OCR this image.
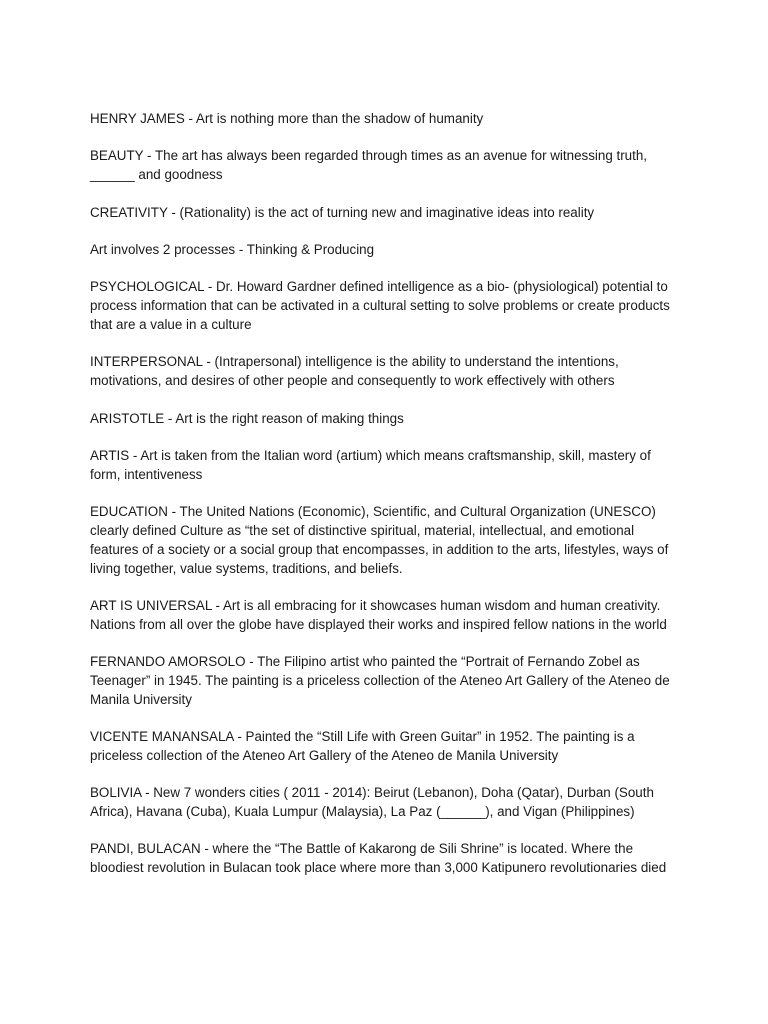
HENRY JAMES - Art is nothing more than the shadow of humanity

BEAUTY - The art has always been regarded through times as an avenue for witnessing truth, ______ and goodness

CREATIVITY - (Rationality) is the act of turning new and imaginative ideas into reality

Art involves 2 processes - Thinking & Producing

PSYCHOLOGICAL - Dr. Howard Gardner defined intelligence as a bio- (physiological) potential to process information that can be activated in a cultural setting to solve problems or create products that are a value in a culture

INTERPERSONAL - (Intrapersonal) intelligence is the ability to understand the intentions, motivations, and desires of other people and consequently to work effectively with others

ARISTOTLE - Art is the right reason of making things

ARTIS - Art is taken from the Italian word (artium) which means craftsmanship, skill, mastery of form, intentiveness

EDUCATION - The United Nations (Economic), Scientific, and Cultural Organization (UNESCO) clearly defined Culture as “the set of distinctive spiritual, material, intellectual, and emotional features of a society or a social group that encompasses, in addition to the arts, lifestyles, ways of living together, value systems, traditions, and beliefs.

ART IS UNIVERSAL - Art is all embracing for it showcases human wisdom and human creativity. Nations from all over the globe have displayed their works and inspired fellow nations in the world

FERNANDO AMORSOLO - The Filipino artist who painted the “Portrait of Fernando Zobel as Teenager” in 1945. The painting is a priceless collection of the Ateneo Art Gallery of the Ateneo de Manila University

VICENTE MANANSALA - Painted the “Still Life with Green Guitar” in 1952. The painting is a priceless collection of the Ateneo Art Gallery of the Ateneo de Manila University

BOLIVIA - New 7 wonders cities ( 2011 - 2014): Beirut (Lebanon), Doha (Qatar), Durban (South Africa), Havana (Cuba), Kuala Lumpur (Malaysia), La Paz (______), and Vigan (Philippines)

PANDI, BULACAN - where the “The Battle of Kakarong de Sili Shrine” is located. Where the bloodiest revolution in Bulacan took place where more than 3,000 Katipunero revolutionaries died
